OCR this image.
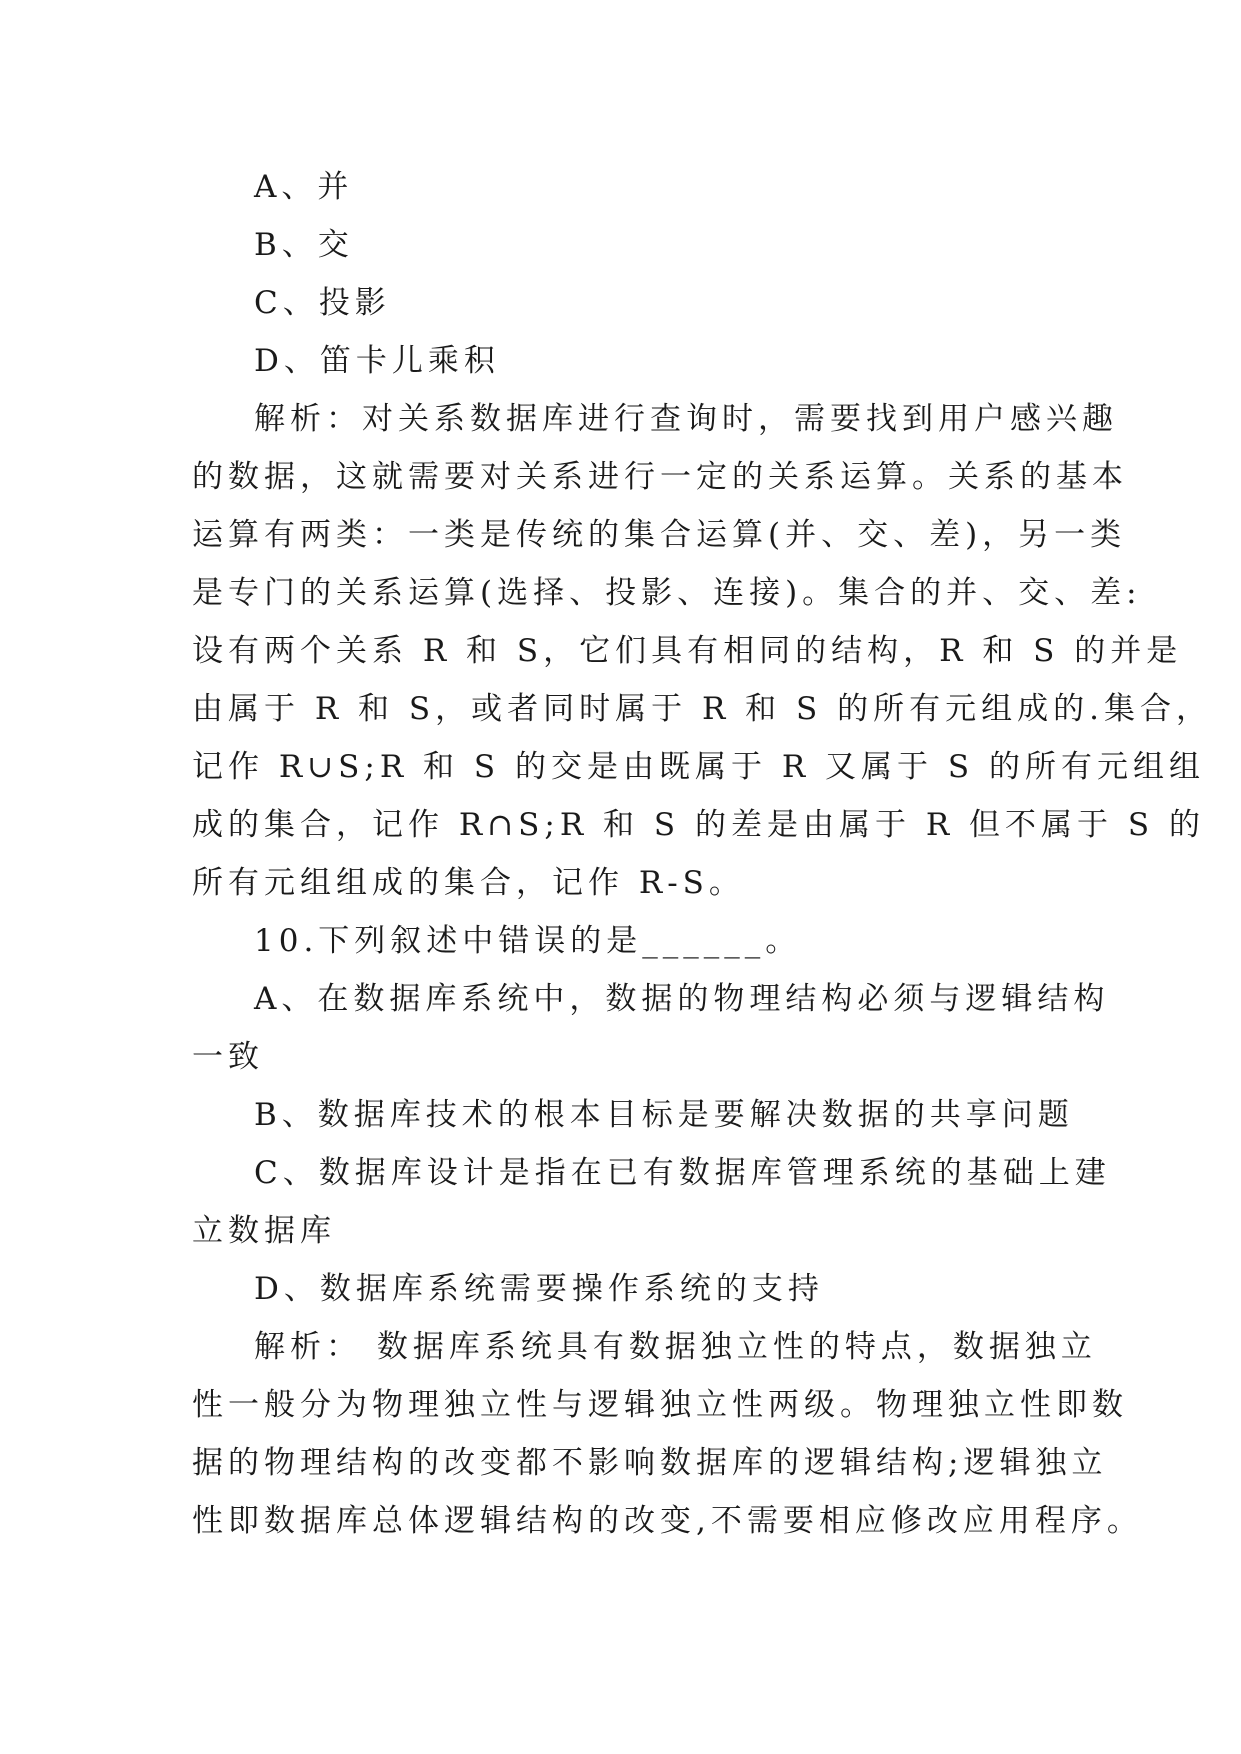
A、并

B、交

C、投影

D、笛卡儿乘积

解析：对关系数据库进行查询时，需要找到用户感兴趣

的数据，这就需要对关系进行一定的关系运算。关系的基本

运算有两类：一类是传统的集合运算(并、交、差)，另一类

是专门的关系运算(选择、投影、连接)。集合的并、交、差:

设有两个关系 R 和 S，它们具有相同的结构，R 和 S 的并是

由属于 R 和 S，或者同时属于 R 和 S 的所有元组成的.集合，

记作 R∪S;R 和 S 的交是由既属于 R 又属于 S 的所有元组组

成的集合，记作 R∩S;R 和 S 的差是由属于 R 但不属于 S 的

所有元组组成的集合，记作 R-S。

10.下列叙述中错误的是______。

A、在数据库系统中，数据的物理结构必须与逻辑结构

一致

B、数据库技术的根本目标是要解决数据的共享问题

C、数据库设计是指在已有数据库管理系统的基础上建

立数据库

D、数据库系统需要操作系统的支持

解析： 数据库系统具有数据独立性的特点，数据独立

性一般分为物理独立性与逻辑独立性两级。物理独立性即数

据的物理结构的改变都不影响数据库的逻辑结构;逻辑独立

性即数据库总体逻辑结构的改变,不需要相应修改应用程序。
